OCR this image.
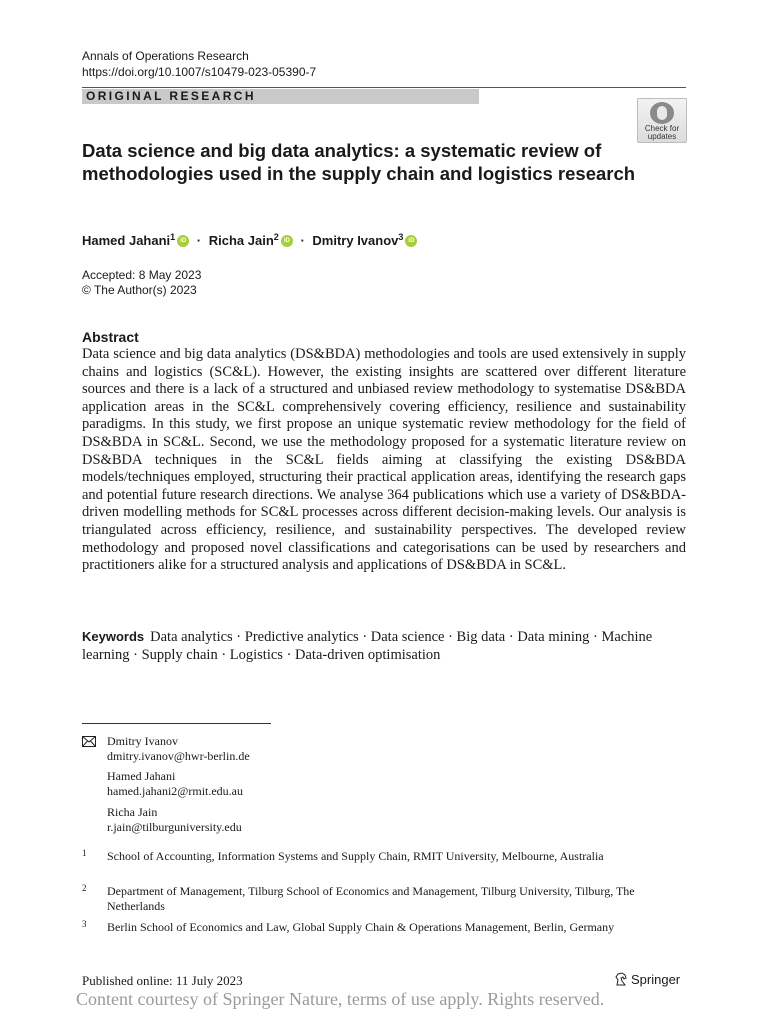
Annals of Operations Research
https://doi.org/10.1007/s10479-023-05390-7
ORIGINAL RESEARCH
Check for
updates
Data science and big data analytics: a systematic review of methodologies used in the supply chain and logistics research
Hamed Jahani$^1$ iD · Richa Jain$^2$ iD · Dmitry Ivanov$^3$iD
Accepted: 8 May 2023
© The Author(s) 2023
Abstract
Data science and big data analytics (DS&BDA) methodologies and tools are used extensively in supply chains and logistics (SC&L). However, the existing insights are scattered over different literature sources and there is a lack of a structured and unbiased review methodology to systematise DS&BDA application areas in the SC&L comprehensively covering efficiency, resilience and sustainability paradigms. In this study, we first propose an unique systematic review methodology for the field of DS&BDA in SC&L. Second, we use the methodology proposed for a systematic literature review on DS&BDA techniques in the SC&L fields aiming at classifying the existing DS&BDA models/techniques employed, structuring their practical application areas, identifying the research gaps and potential future research directions. We analyse 364 publications which use a variety of DS&BDA-driven modelling methods for SC&L processes across different decision-making levels. Our analysis is triangulated across efficiency, resilience, and sustainability perspectives. The developed review methodology and proposed novel classifications and categorisations can be used by researchers and practitioners alike for a structured analysis and applications of DS&BDA in SC&L.
Keywords Data analytics · Predictive analytics · Data science · Big data · Data mining · Machine learning · Supply chain · Logistics · Data-driven optimisation
Dmitry Ivanov
dmitry.ivanov@hwr-berlin.de
Hamed Jahani
hamed.jahani2@rmit.edu.au
Richa Jain
r.jain@tilburguniversity.edu
1 School of Accounting, Information Systems and Supply Chain, RMIT University, Melbourne, Australia
2 Department of Management, Tilburg School of Economics and Management, Tilburg University, Tilburg, The Netherlands
3 Berlin School of Economics and Law, Global Supply Chain & Operations Management, Berlin, Germany
Published online: 11 July 2023	Springer
Content courtesy of Springer Nature, terms of use apply. Rights reserved.
